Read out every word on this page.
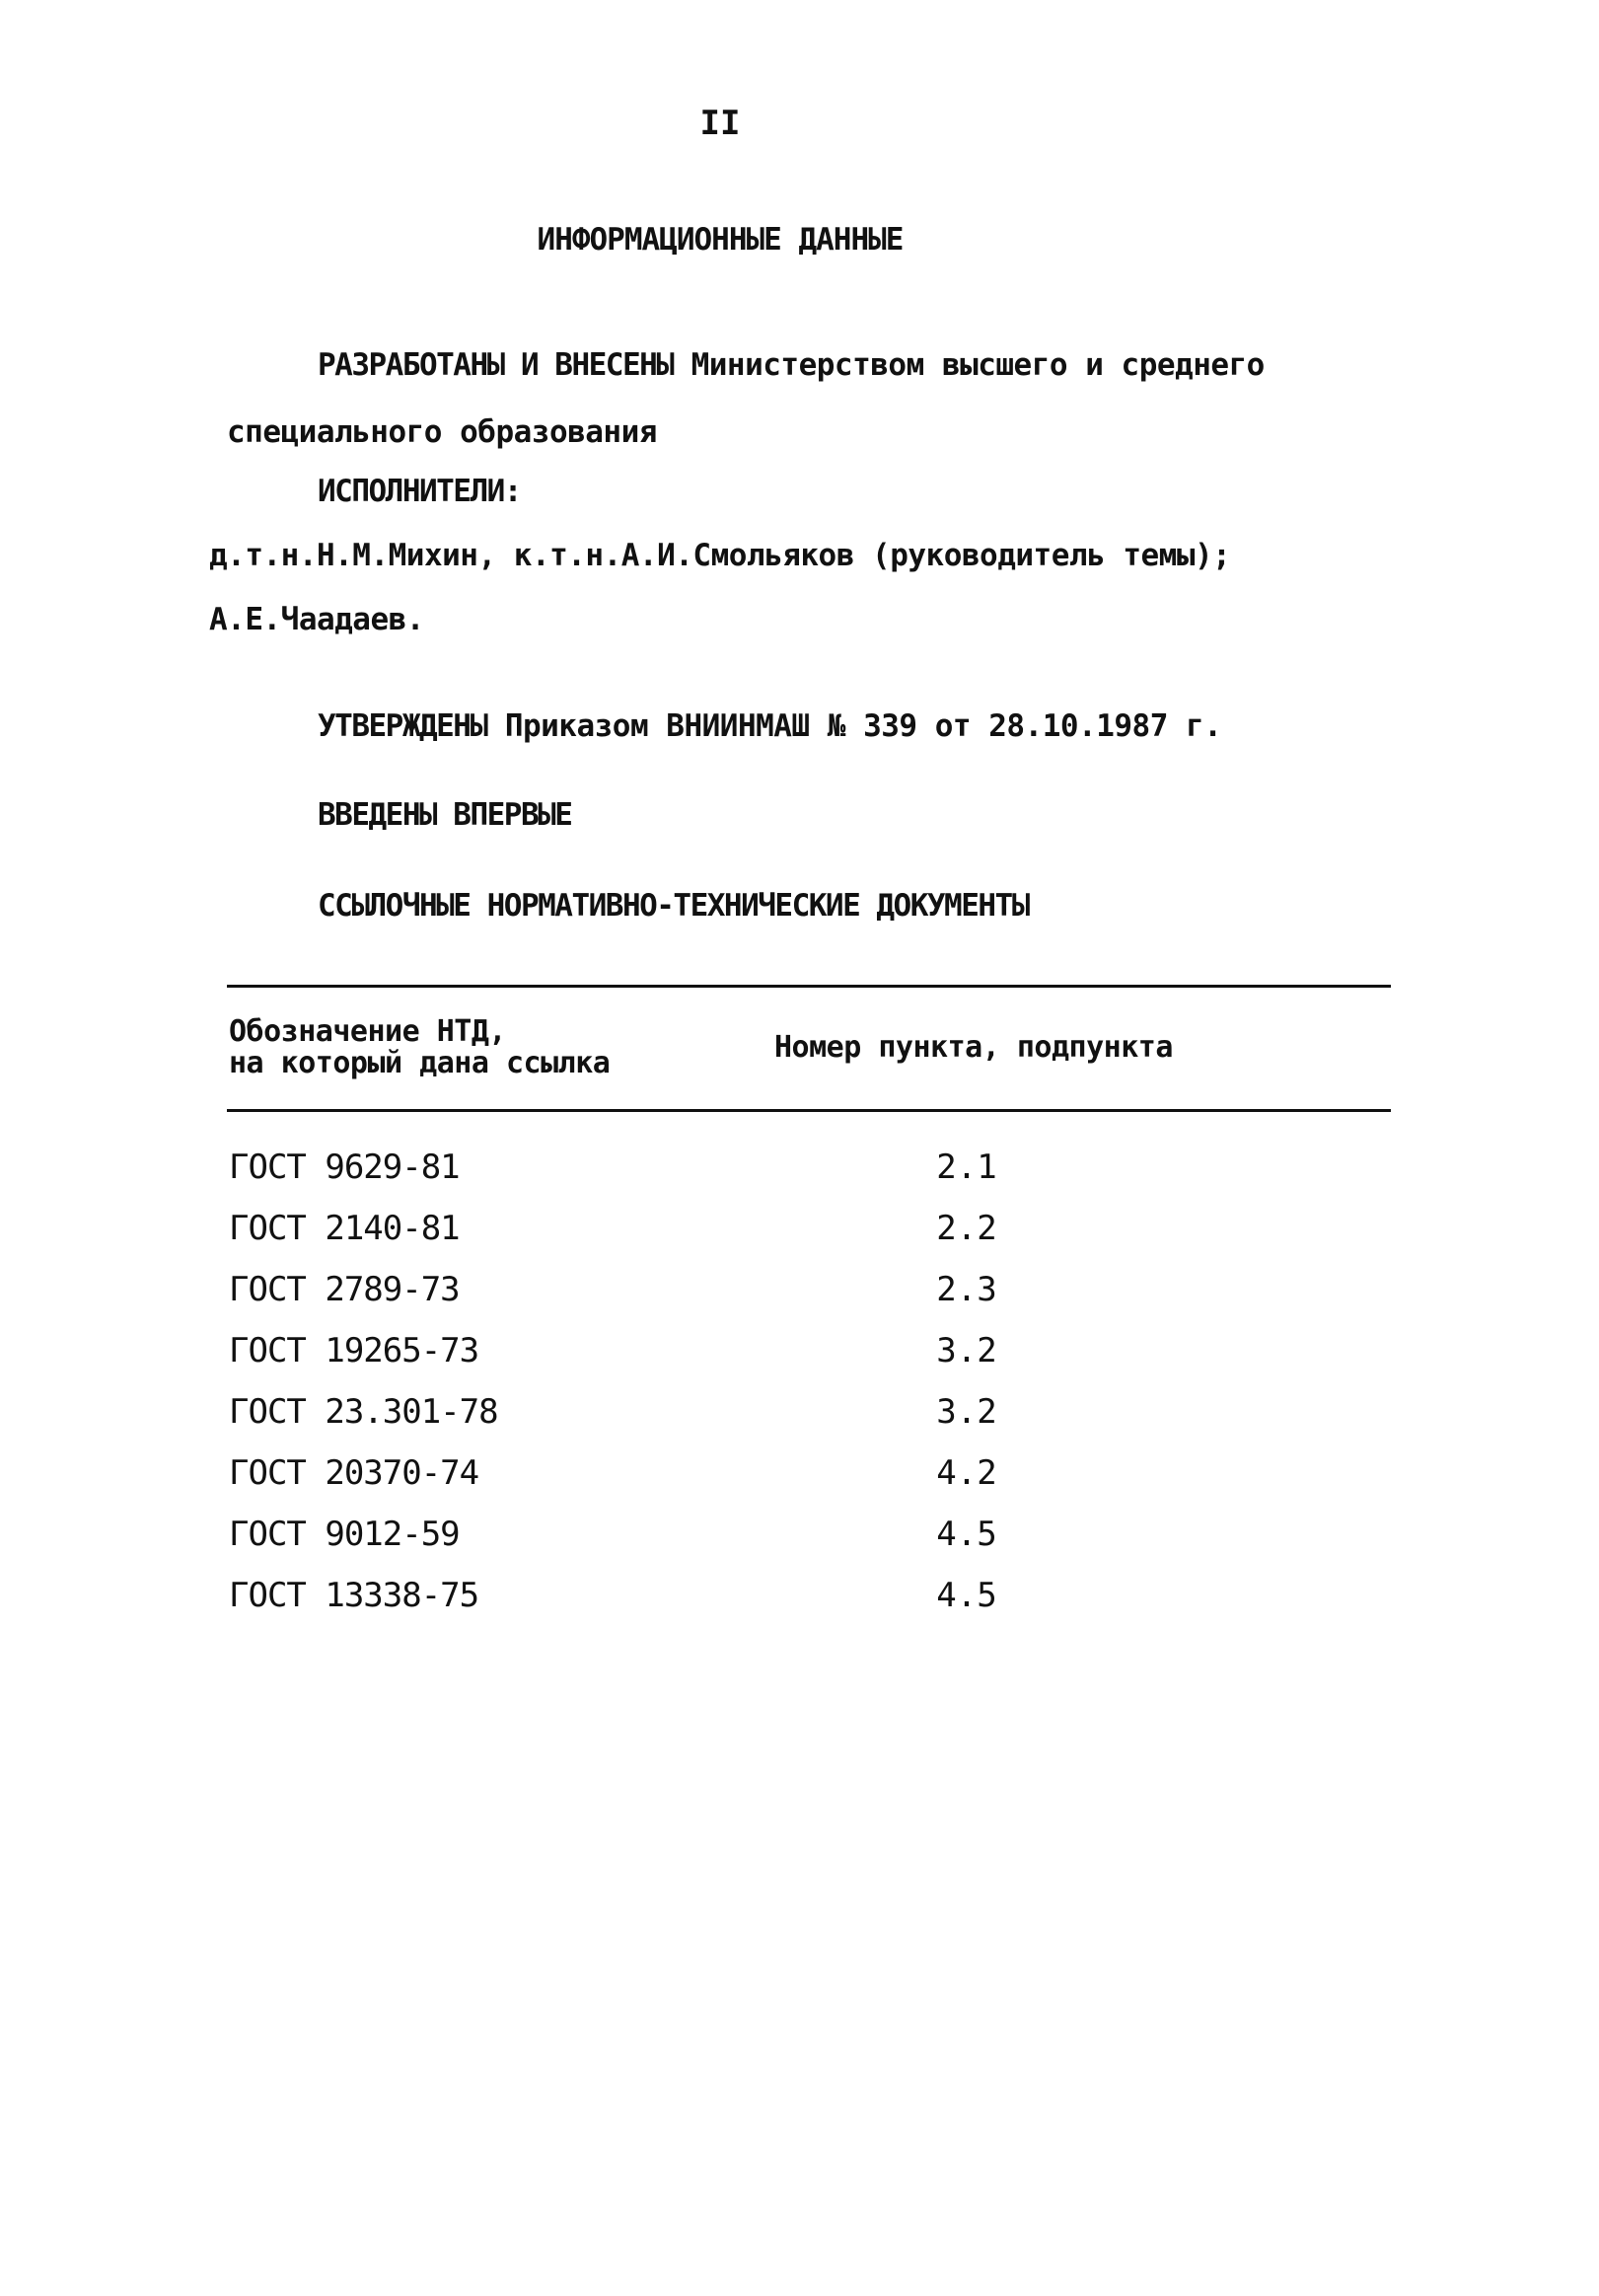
II
ИНФОРМАЦИОННЫЕ ДАННЫЕ
РАЗРАБОТАНЫ И ВНЕСЕНЫ Министерством высшего и среднего
специального образования
ИСПОЛНИТЕЛИ:
д.т.н.Н.М.Михин, к.т.н.А.И.Смольяков (руководитель темы);
А.Е.Чаадаев.
УТВЕРЖДЕНЫ Приказом ВНИИНМАШ № 339 от 28.10.1987 г.
ВВЕДЕНЫ ВПЕРВЫЕ
ССЫЛОЧНЫЕ НОРМАТИВНО-ТЕХНИЧЕСКИЕ ДОКУМЕНТЫ
Обозначение НТД,
на который дана ссылка	Номер пункта, подпункта
ГОСТ 9629-81	2.1
ГОСТ 2140-81	2.2
ГОСТ 2789-73	2.3
ГОСТ 19265-73	3.2
ГОСТ 23.301-78	3.2
ГОСТ 20370-74	4.2
ГОСТ 9012-59	4.5
ГОСТ 13338-75	4.5
